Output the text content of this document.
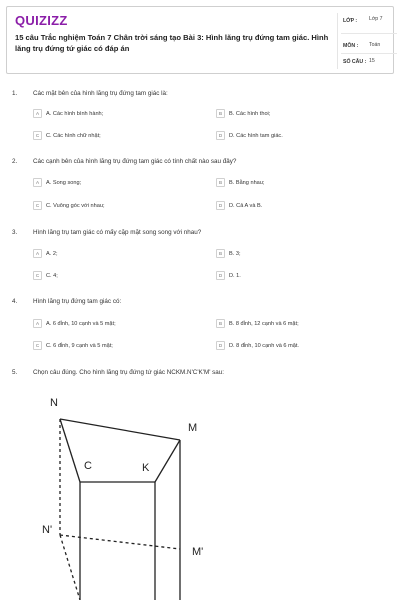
QUIZIZZ
15 câu Trắc nghiệm Toán 7 Chân trời sáng tạo Bài 3: Hình lăng trụ đứng tam giác. Hình lăng trụ đứng tứ giác có đáp án
LỚP : Lớp 7
MÔN : Toán
SỐ CÂU : 15
1. Các mặt bên của hình lăng trụ đứng tam giác là:
A	A. Các hình bình hành;	B	B. Các hình thoi;
C	C. Các hình chữ nhật;	D	D. Các hình tam giác.
2. Các cạnh bên của hình lăng trụ đứng tam giác có tính chất nào sau đây?
A	A. Song song;	B	B. Bằng nhau;
C	C. Vuông góc với nhau;	D	D. Cả A và B.
3. Hình lăng trụ tam giác có mấy cặp mặt song song với nhau?
A	A. 2;	B	B. 3;
C	C. 4;	D	D. 1.
4. Hình lăng trụ đứng tam giác có:
A	A. 6 đỉnh, 10 cạnh và 5 mặt;	B	B. 8 đỉnh, 12 cạnh và 6 mặt;
C	C. 6 đỉnh, 9 cạnh và 5 mặt;	D	D. 8 đỉnh, 10 cạnh và 6 mặt.
5. Chọn câu đúng. Cho hình lăng trụ đứng tứ giác NCKM.N'C'K'M' sau:
N
M
C	K
N'
M'
